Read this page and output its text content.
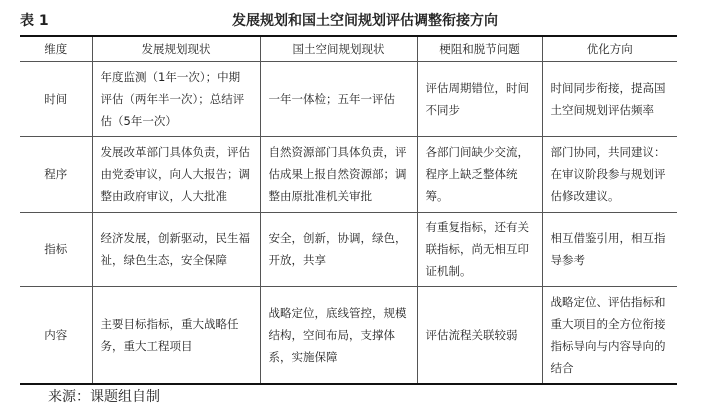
表 1	发展规划和国土空间规划评估调整衔接方向
维度	发展规划现状	国土空间规划现状	梗阻和脱节问题	优化方向
时间	年度监测（1年一次）；中期评估（两年半一次）；总结评估（5年一次）	一年一体检；五年一评估	评估周期错位，时间不同步	时间同步衔接，提高国土空间规划评估频率
程序	发展改革部门具体负责，评估由党委审议，向人大报告；调整由政府审议，人大批准	自然资源部门具体负责，评估成果上报自然资源部；调整由原批准机关审批	各部门间缺少交流，程序上缺乏整体统筹。	部门协同，共同建议：在审议阶段参与规划评估修改建议。
指标	经济发展，创新驱动，民生福祉，绿色生态，安全保障	安全，创新，协调，绿色，开放，共享	有重复指标，还有关联指标，尚无相互印证机制。	相互借鉴引用，相互指导参考
内容	主要目标指标，重大战略任务，重大工程项目	战略定位，底线管控，规模结构，空间布局，支撑体系，实施保障	评估流程关联较弱	战略定位、评估指标和重大项目的全方位衔接指标导向与内容导向的结合
来源：课题组自制
